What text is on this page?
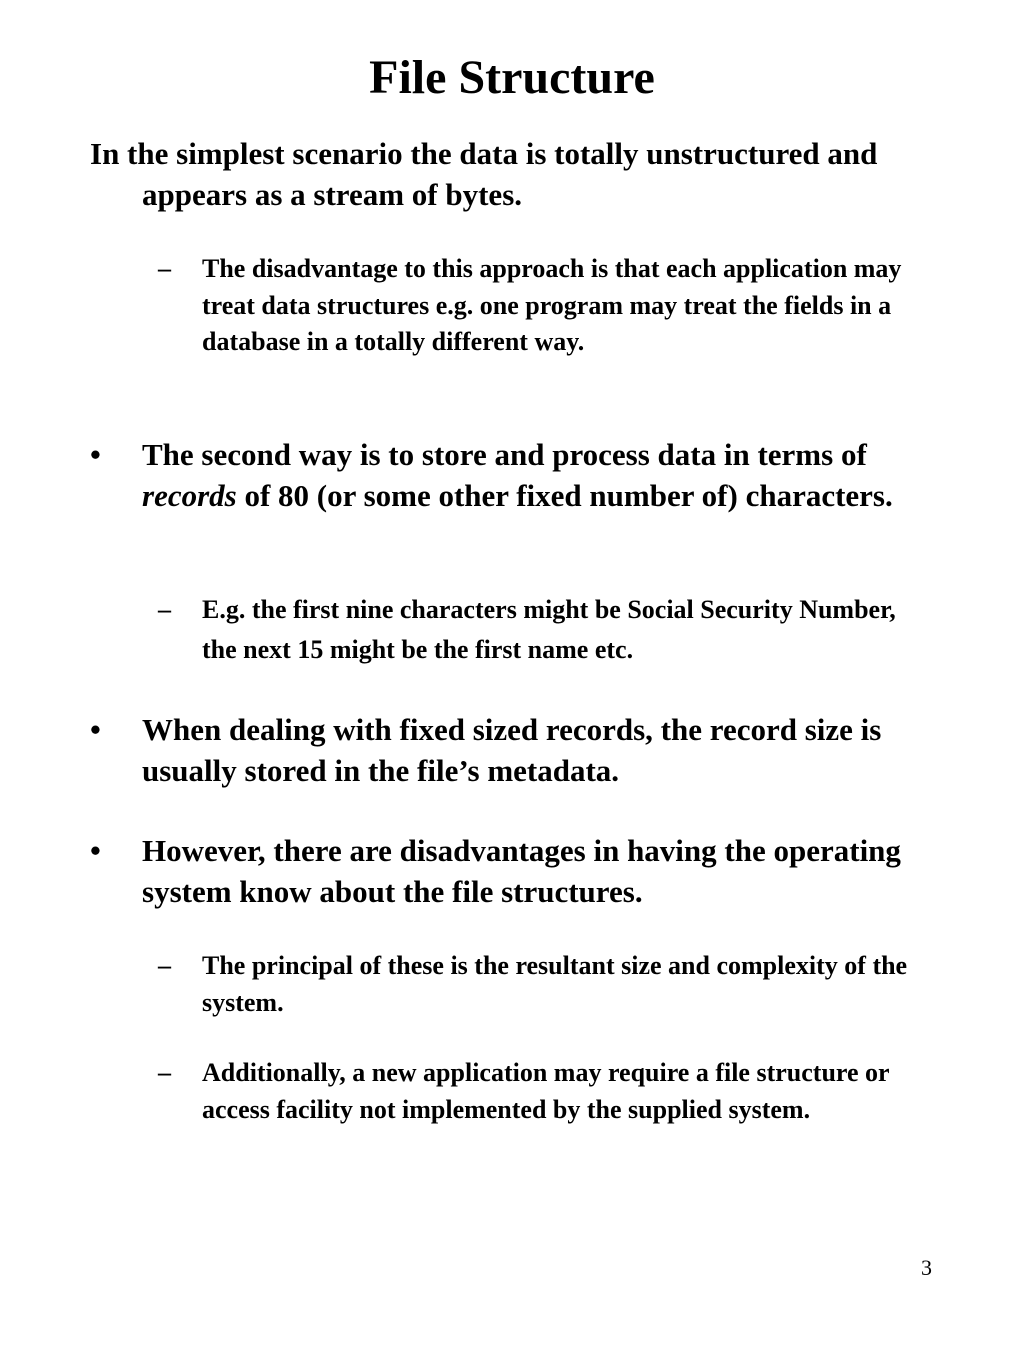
File Structure
In the simplest scenario the data is totally unstructured and appears as a stream of bytes.
–	The disadvantage to this approach is that each application may treat data structures e.g. one program may treat the fields in a database in a totally different way.
•	The second way is to store and process data in terms of records of 80 (or some other fixed number of) characters.
–	E.g. the first nine characters might be Social Security Number, the next 15 might be the first name etc.
•	When dealing with fixed sized records, the record size is usually stored in the file’s metadata.
•	However, there are disadvantages in having the operating system know about the file structures.
–	The principal of these is the resultant size and complexity of the system.
–	Additionally, a new application may require a file structure or access facility not implemented by the supplied system.
3
